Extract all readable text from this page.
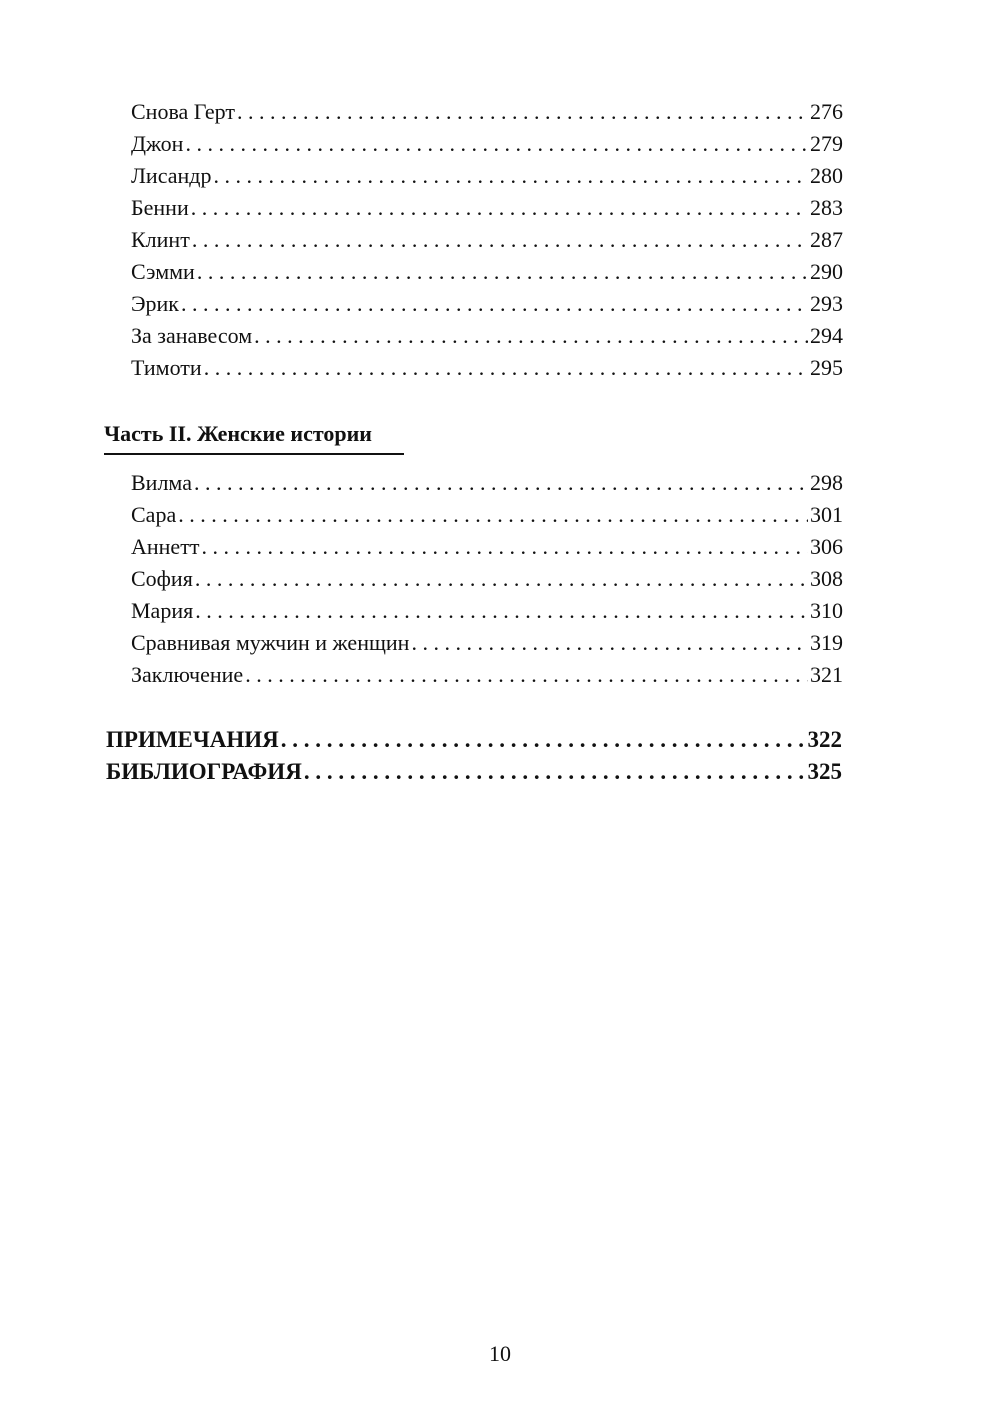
Снова Герт . . .	276
Джон . . .	279
Лисандр . . .	280
Бенни . . .	283
Клинт . . .	287
Сэмми . . .	290
Эрик . . .	293
За занавесом . . .	294
Тимоти . . .	295
Часть II. Женские истории
Вилма . . .	298
Сара . . .	301
Аннетт . . .	306
София . . .	308
Мария . . .	310
Сравнивая мужчин и женщин . . .	319
Заключение . . .	321
ПРИМЕЧАНИЯ . . .	322
БИБЛИОГРАФИЯ . . .	325
10
